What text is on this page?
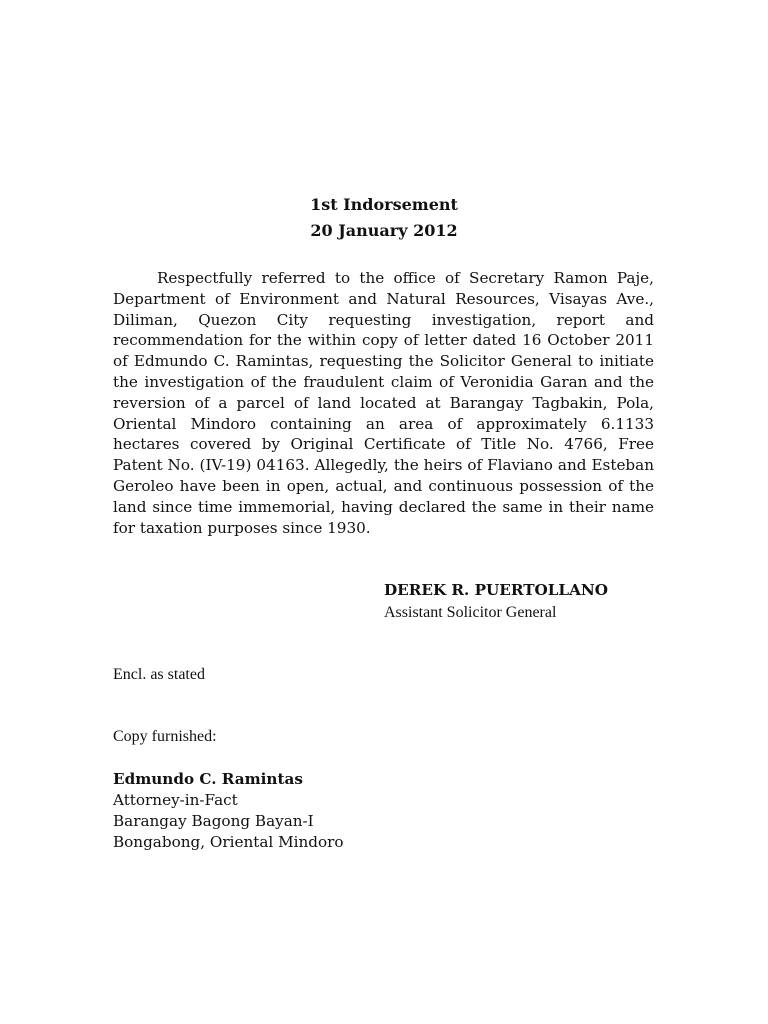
1st Indorsement
20 January 2012

Respectfully referred to the office of Secretary Ramon Paje, Department of Environment and Natural Resources, Visayas Ave., Diliman, Quezon City requesting investigation, report and recommendation for the within copy of letter dated 16 October 2011 of Edmundo C. Ramintas, requesting the Solicitor General to initiate the investigation of the fraudulent claim of Veronidia Garan and the reversion of a parcel of land located at Barangay Tagbakin, Pola, Oriental Mindoro containing an area of approximately 6.1133 hectares covered by Original Certificate of Title No. 4766, Free Patent No. (IV-19) 04163. Allegedly, the heirs of Flaviano and Esteban Geroleo have been in open, actual, and continuous possession of the land since time immemorial, having declared the same in their name for taxation purposes since 1930.

DEREK R. PUERTOLLANO
Assistant Solicitor General
Encl. as stated
Copy furnished:
Edmundo C. Ramintas
Attorney-in-Fact
Barangay Bagong Bayan-I
Bongabong, Oriental Mindoro
